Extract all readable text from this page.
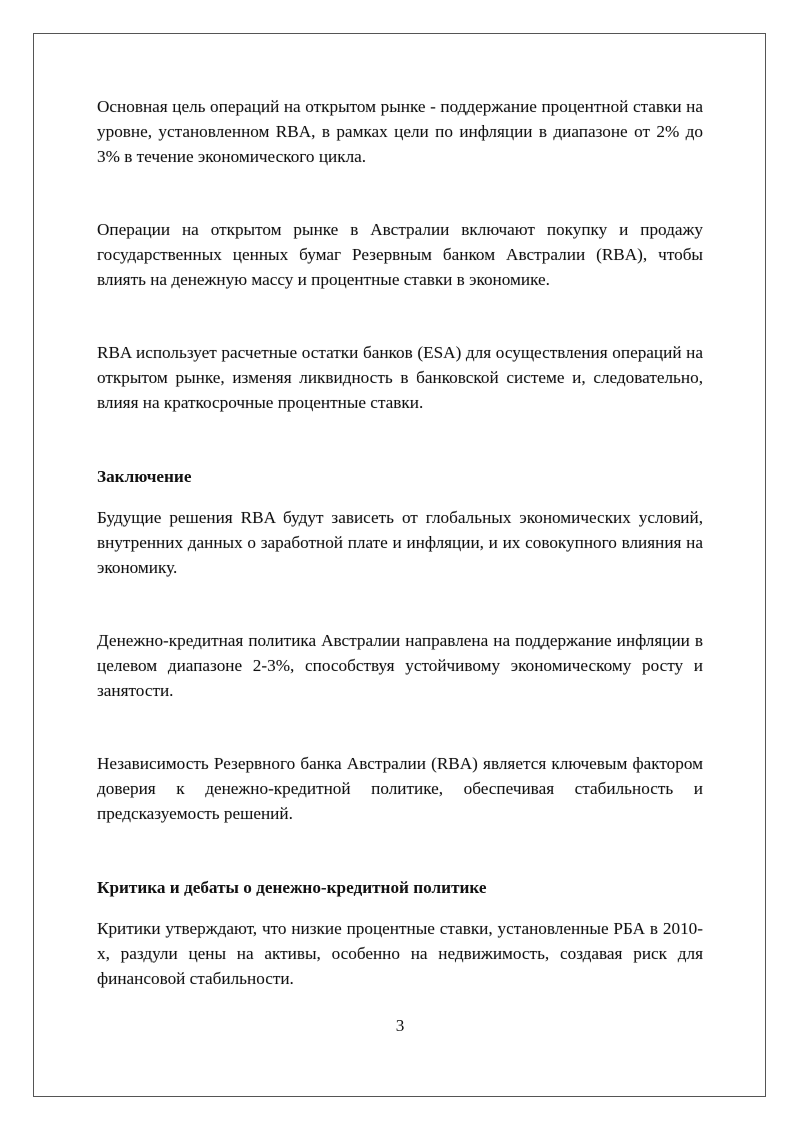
Основная цель операций на открытом рынке - поддержание процентной ставки на уровне, установленном RBA, в рамках цели по инфляции в диапазоне от 2% до 3% в течение экономического цикла.

Операции на открытом рынке в Австралии включают покупку и продажу государственных ценных бумаг Резервным банком Австралии (RBA), чтобы влиять на денежную массу и процентные ставки в экономике.

RBA использует расчетные остатки банков (ESA) для осуществления операций на открытом рынке, изменяя ликвидность в банковской системе и, следовательно, влияя на краткосрочные процентные ставки.

Заключение

Будущие решения RBA будут зависеть от глобальных экономических условий, внутренних данных о заработной плате и инфляции, и их совокупного влияния на экономику.

Денежно-кредитная политика Австралии направлена на поддержание инфляции в целевом диапазоне 2-3%, способствуя устойчивому экономическому росту и занятости.

Независимость Резервного банка Австралии (RBA) является ключевым фактором доверия к денежно-кредитной политике, обеспечивая стабильность и предсказуемость решений.

Критика и дебаты о денежно-кредитной политике

Критики утверждают, что низкие процентные ставки, установленные РБА в 2010-х, раздули цены на активы, особенно на недвижимость, создавая риск для финансовой стабильности.

3
